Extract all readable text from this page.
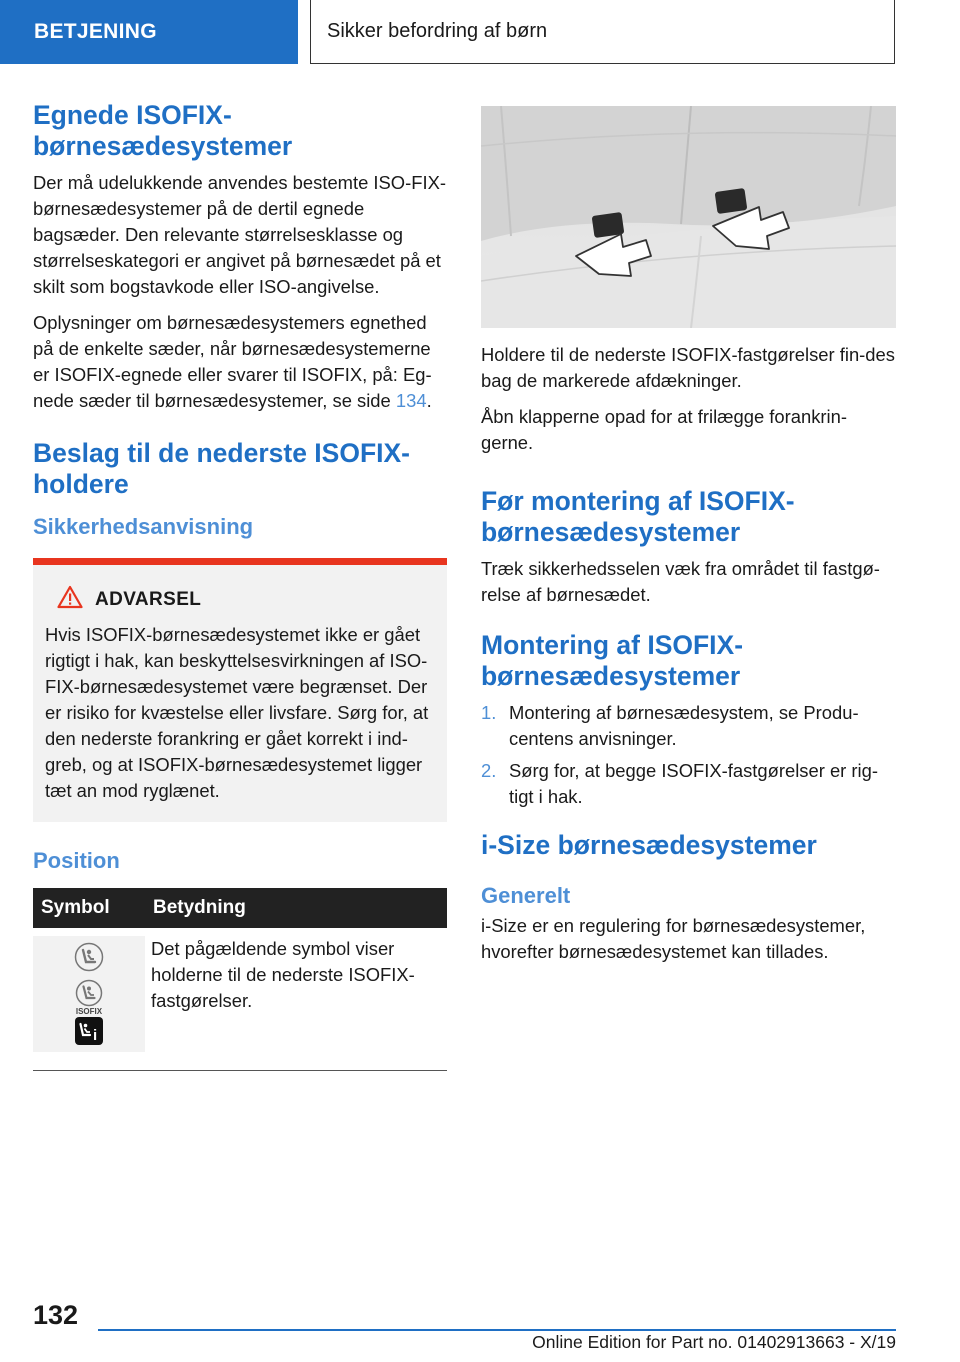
BETJENING	Sikker befordring af børn
Egnede ISOFIX-
børnesædesystemer

Der må udelukkende anvendes bestemte ISO‐FIX-børnesædesystemer på de dertil egnede bagsæder. Den relevante størrelsesklasse og størrelseskategori er angivet på børnesædet på et skilt som bogstavkode eller ISO-angivelse.

Oplysninger om børnesædesystemers egnethed på de enkelte sæder, når børnesædesystemerne er ISOFIX-egnede eller svarer til ISOFIX, på: Eg‐nede sæder til børnesædesystemer, se side 134.

Beslag til de nederste ISOFIX-
holdere
Sikkerhedsanvisning
ADVARSEL

Hvis ISOFIX-børnesædesystemet ikke er gået rigtigt i hak, kan beskyttelsesvirkningen af ISO‐FIX-børnesædesystemet være begrænset. Der er risiko for kvæstelse eller livsfare. Sørg for, at den nederste forankring er gået korrekt i ind‐greb, og at ISOFIX-børnesædesystemet ligger tæt an mod ryglænet.

Position
Symbol	Betydning

ISOFIX
i	Det pågældende symbol viser holderne til de nederste ISOFIX-fastgørelser.

Holdere til de nederste ISOFIX-fastgørelser fin‐des bag de markerede afdækninger.

Åbn klapperne opad for at frilægge forankrin‐gerne.

Før montering af ISOFIX-
børnesædesystemer

Træk sikkerhedsselen væk fra området til fastgø‐relse af børnesædet.

Montering af ISOFIX-
børnesædesystemer
1. Montering af børnesædesystem, se Produ‐centens anvisninger.
2. Sørg for, at begge ISOFIX-fastgørelser er rig‐tigt i hak.
i-Size børnesædesystemer
Generelt

i-Size er en regulering for børnesædesystemer, hvorefter børnesædesystemet kan tillades.

132
Online Edition for Part no. 01402913663 - X/19
